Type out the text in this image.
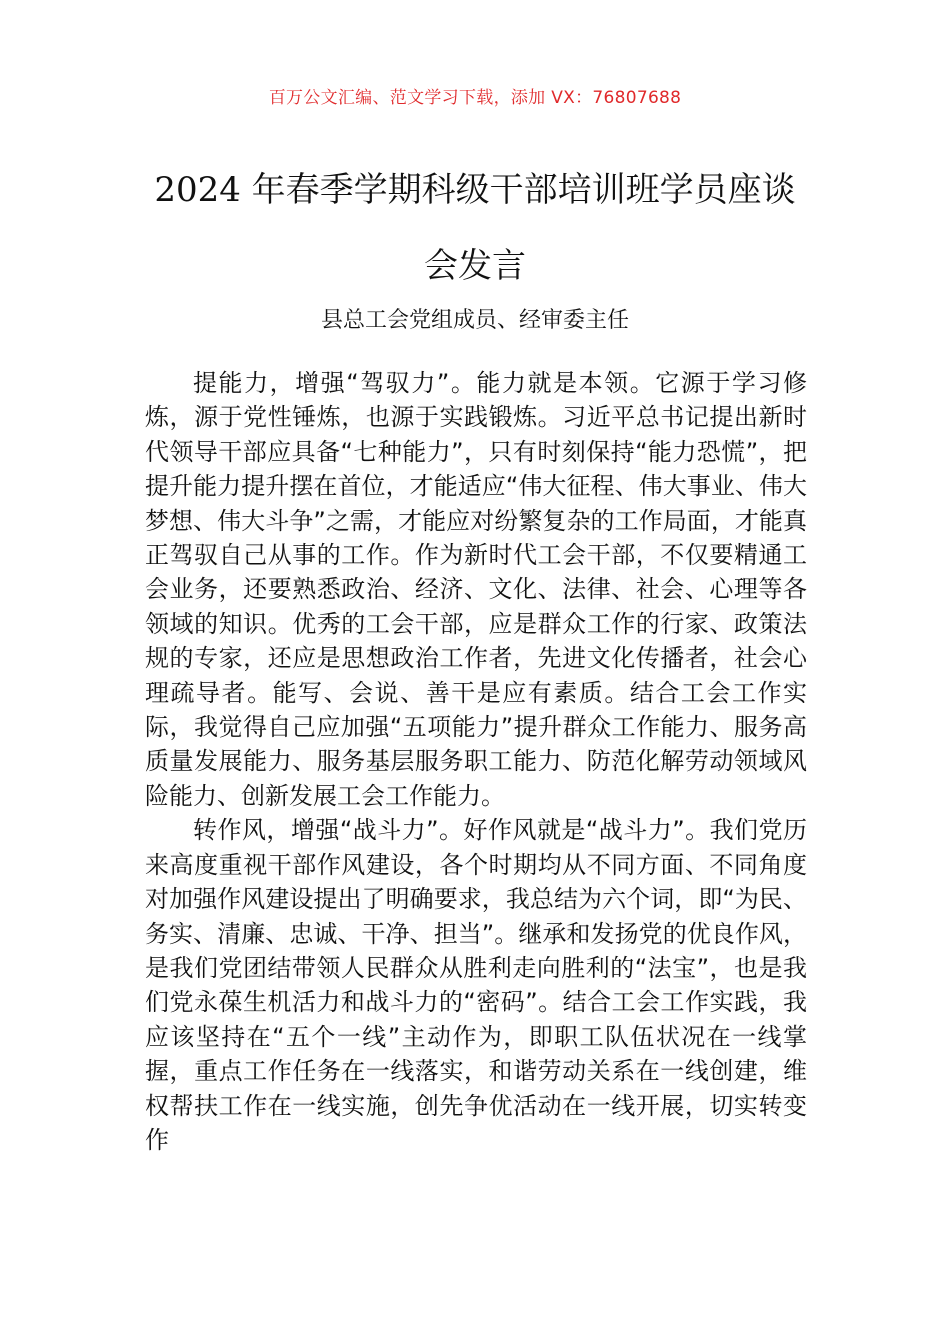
百万公文汇编、范文学习下载，添加 VX：76807688
2024 年春季学期科级干部培训班学员座谈会发言
县总工会党组成员、经审委主任

提能力，增强“驾驭力”。能力就是本领。它源于学习修炼，源于党性锤炼，也源于实践锻炼。习近平总书记提出新时代领导干部应具备“七种能力”，只有时刻保持“能力恐慌”，把提升能力提升摆在首位，才能适应“伟大征程、伟大事业、伟大梦想、伟大斗争”之需，才能应对纷繁复杂的工作局面，才能真正驾驭自己从事的工作。作为新时代工会干部，不仅要精通工会业务，还要熟悉政治、经济、文化、法律、社会、心理等各领域的知识。优秀的工会干部，应是群众工作的行家、政策法规的专家，还应是思想政治工作者，先进文化传播者，社会心理疏导者。能写、会说、善干是应有素质。结合工会工作实际，我觉得自己应加强“五项能力”提升群众工作能力、服务高质量发展能力、服务基层服务职工能力、防范化解劳动领域风险能力、创新发展工会工作能力。

转作风，增强“战斗力”。好作风就是“战斗力”。我们党历来高度重视干部作风建设，各个时期均从不同方面、不同角度对加强作风建设提出了明确要求，我总结为六个词，即“为民、务实、清廉、忠诚、干净、担当”。继承和发扬党的优良作风，是我们党团结带领人民群众从胜利走向胜利的“法宝”，也是我们党永葆生机活力和战斗力的“密码”。结合工会工作实践，我应该坚持在“五个一线”主动作为，即职工队伍状况在一线掌握，重点工作任务在一线落实，和谐劳动关系在一线创建，维权帮扶工作在一线实施，创先争优活动在一线开展，切实转变作
